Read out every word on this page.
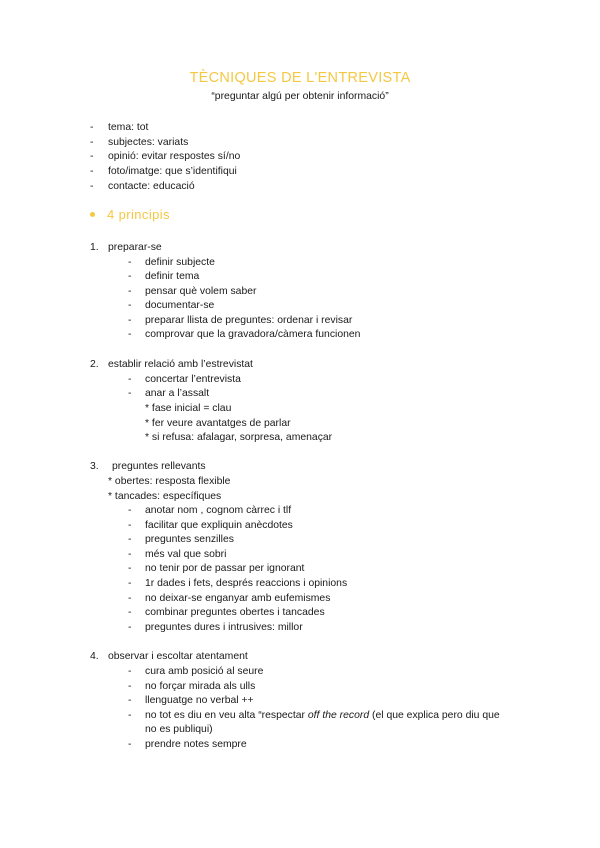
TÈCNIQUES DE L'ENTREVISTA
“preguntar algú per obtenir informació”
- tema: tot
- subjectes: variats
- opinió: evitar respostes sí/no
- foto/imatge: que s’identifiqui
- contacte: educació
4 principis
1. preparar-se
- definir subjecte
- definir tema
- pensar què volem saber
- documentar-se
- preparar llista de preguntes: ordenar i revisar
- comprovar que la gravadora/càmera funcionen
2. establir relació amb l’estrevistat
- concertar l’entrevista
- anar a l’assalt
* fase inicial = clau
* fer veure avantatges de parlar
* si refusa: afalagar, sorpresa, amenaçar
3. preguntes rellevants
* obertes: resposta flexible
* tancades: específiques
- anotar nom , cognom càrrec i tlf
- facilitar que expliquin anècdotes
- preguntes senzilles
- més val que sobri
- no tenir por de passar per ignorant
- 1r dades i fets, després reaccions i opinions
- no deixar-se enganyar amb eufemismes
- combinar preguntes obertes i tancades
- preguntes dures i intrusives: millor
4. observar i escoltar atentament
- cura amb posició al seure
- no forçar mirada als ulls
- llenguatge no verbal ++
- no tot es diu en veu alta “respectar off the record (el que explica pero diu que
no es publiqui)
- prendre notes sempre
